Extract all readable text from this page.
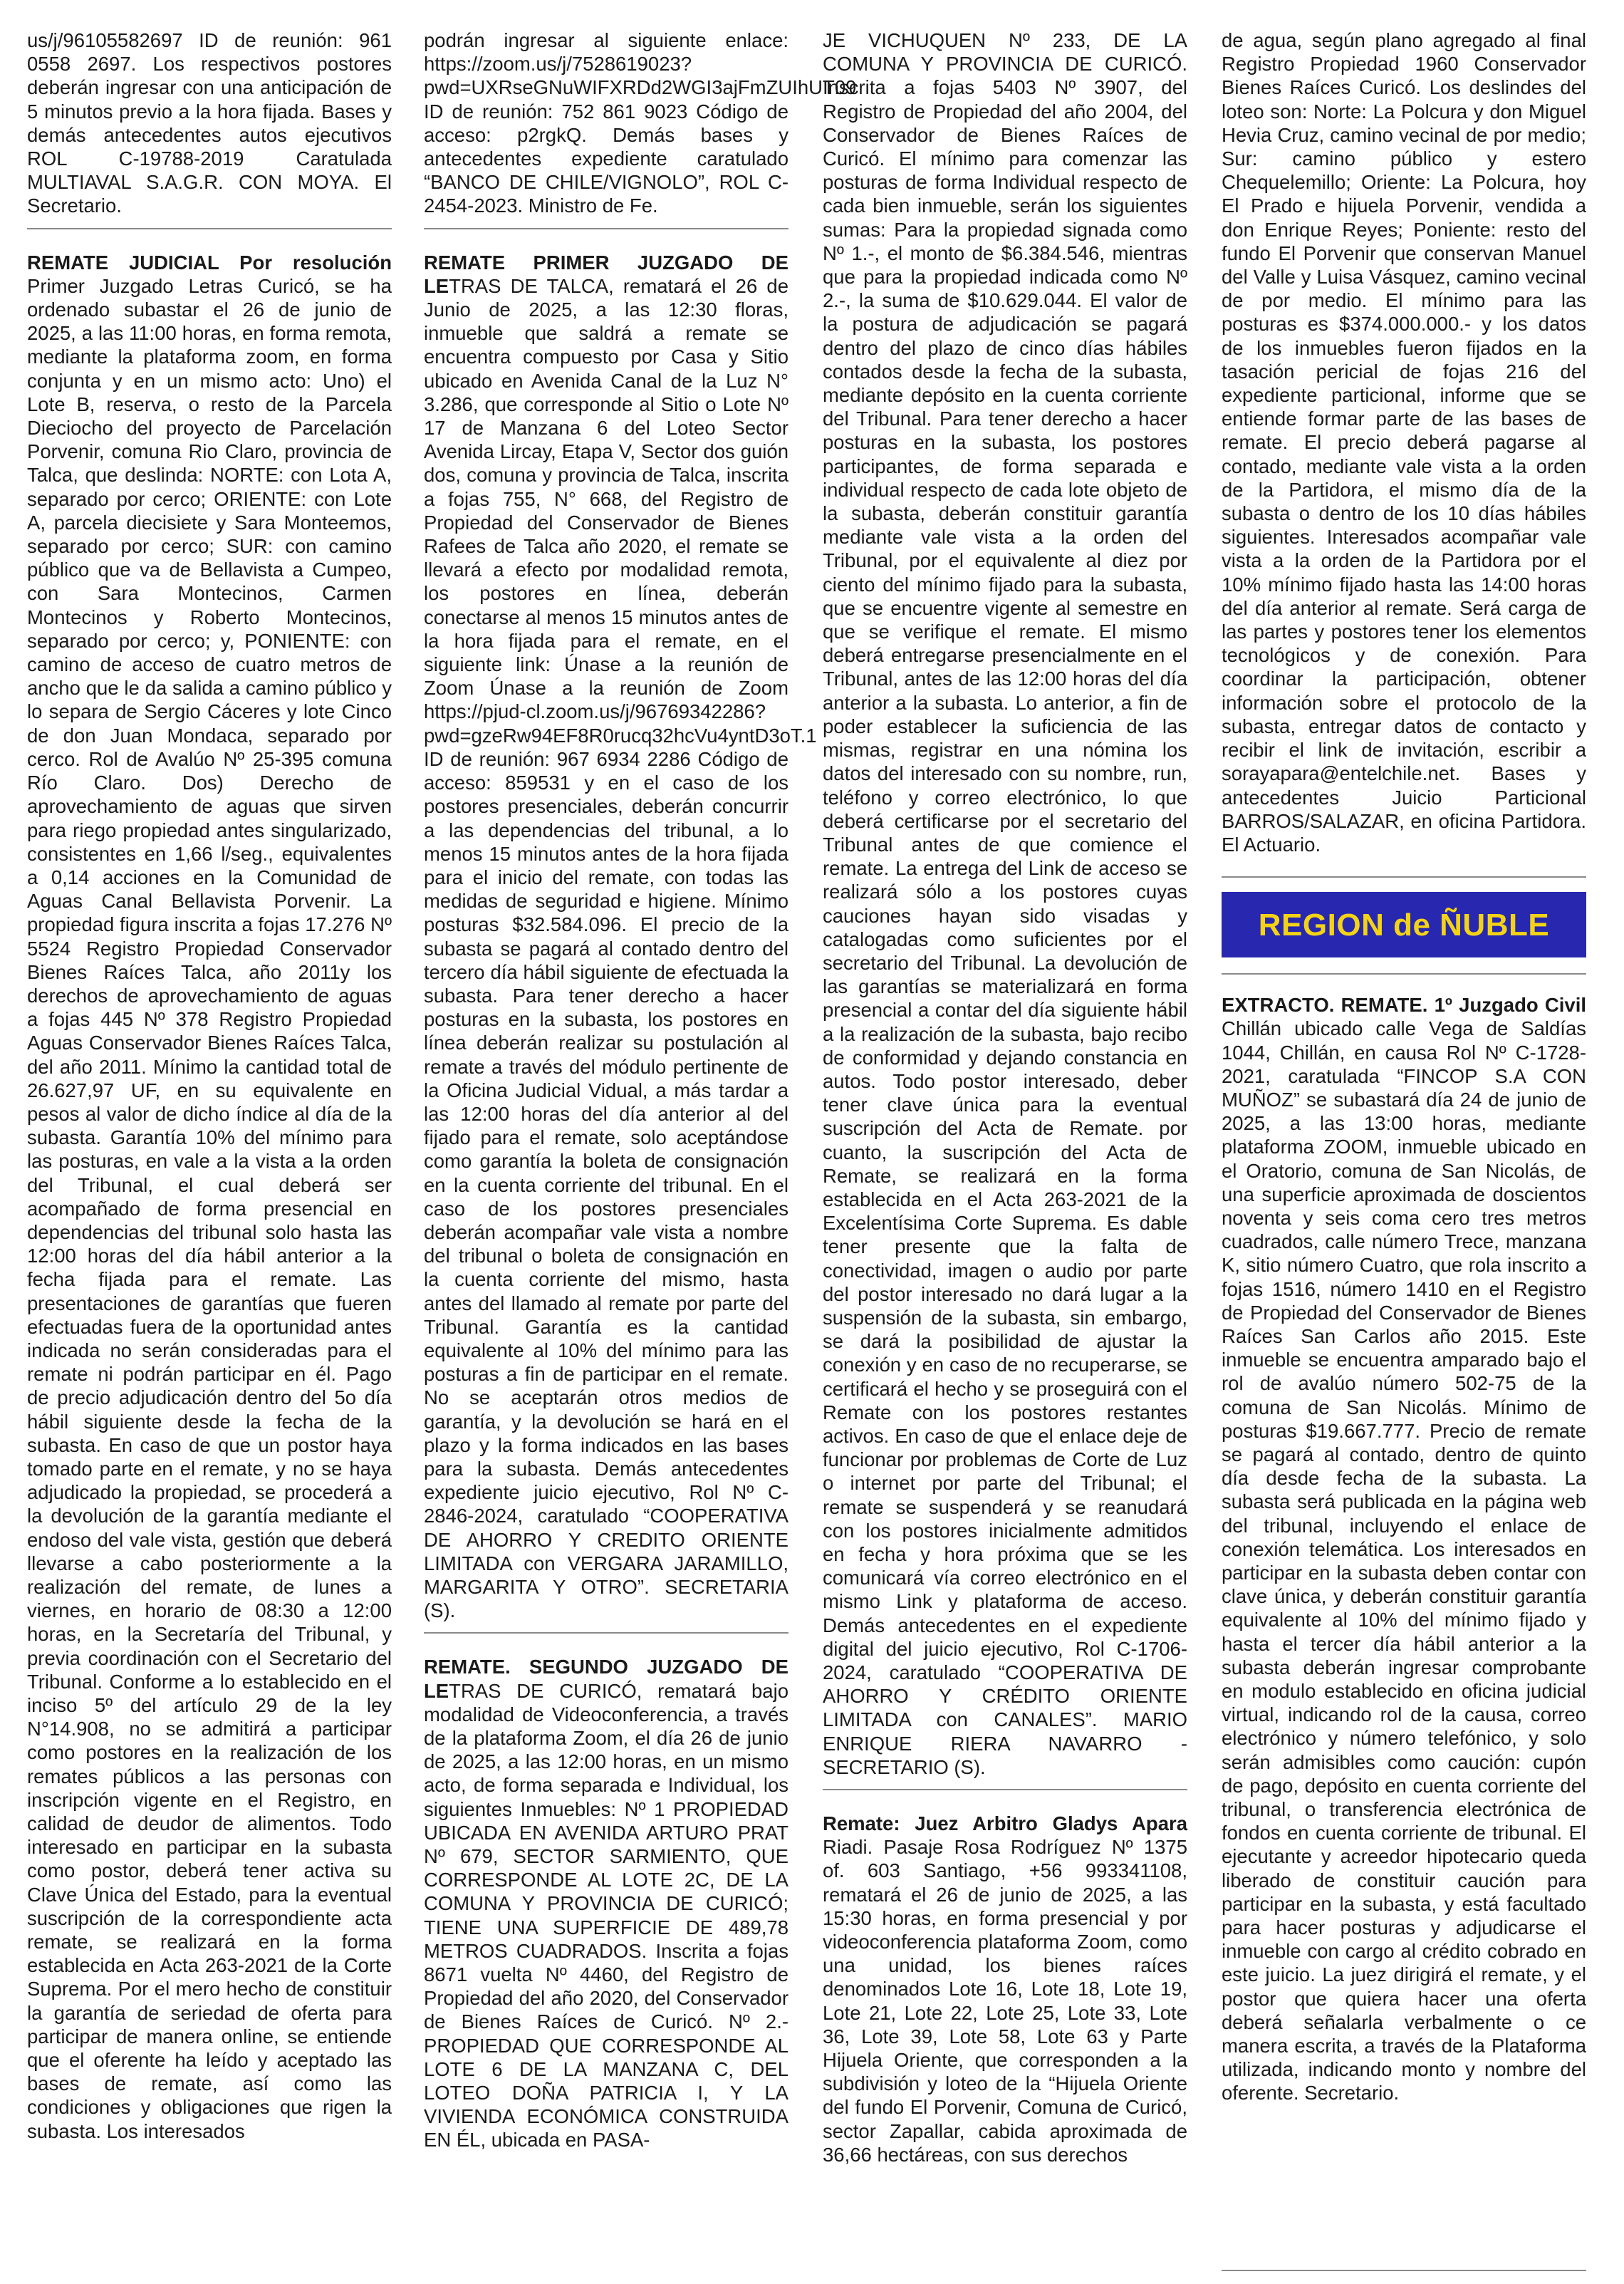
us/j/96105582697 ID de reunión: 961 0558 2697. Los respectivos postores deberán ingresar con una anticipación de 5 minutos previo a la hora fijada. Bases y demás antecedentes autos ejecutivos ROL C-19788-2019 Caratulada MULTIAVAL S.A.G.R. CON MOYA. El Secretario.

REMATE JUDICIAL Por resolución Primer Juzgado Letras Curicó, se ha ordenado subastar el 26 de junio de 2025, a las 11:00 horas, en forma remota, mediante la plataforma zoom, en forma conjunta y en un mismo acto: Uno) el Lote B, reserva, o resto de la Parcela Dieciocho del proyecto de Parcelación Porvenir, comuna Rio Claro, provincia de Talca, que deslinda: NORTE: con Lota A, separado por cerco; ORIENTE: con Lote A, parcela diecisiete y Sara Monteemos, separado por cerco; SUR: con camino público que va de Bellavista a Cumpeo, con Sara Montecinos, Carmen Montecinos y Roberto Montecinos, separado por cerco; y, PONIENTE: con camino de acceso de cuatro metros de ancho que le da salida a camino público y lo separa de Sergio Cáceres y lote Cinco de don Juan Mondaca, separado por cerco. Rol de Avalúo Nº 25-395 comuna Río Claro. Dos) Derecho de aprovechamiento de aguas que sirven para riego propiedad antes singularizado, consistentes en 1,66 l/seg., equivalentes a 0,14 acciones en la Comunidad de Aguas Canal Bellavista Porvenir. La propiedad figura inscrita a fojas 17.276 Nº 5524 Registro Propiedad Conservador Bienes Raíces Talca, año 2011y los derechos de aprovechamiento de aguas a fojas 445 Nº 378 Registro Propiedad Aguas Conservador Bienes Raíces Talca, del año 2011. Mínimo la cantidad total de 26.627,97 UF, en su equivalente en pesos al valor de dicho índice al día de la subasta. Garantía 10% del mínimo para las posturas, en vale a la vista a la orden del Tribunal, el cual deberá ser acompañado de forma presencial en dependencias del tribunal solo hasta las 12:00 horas del día hábil anterior a la fecha fijada para el remate. Las presentaciones de garantías que fueren efectuadas fuera de la oportunidad antes indicada no serán consideradas para el remate ni podrán participar en él. Pago de precio adjudicación dentro del 5o día hábil siguiente desde la fecha de la subasta. En caso de que un postor haya tomado parte en el remate, y no se haya adjudicado la propiedad, se procederá a la devolución de la garantía mediante el endoso del vale vista, gestión que deberá llevarse a cabo posteriormente a la realización del remate, de lunes a viernes, en horario de 08:30 a 12:00 horas, en la Secretaría del Tribunal, y previa coordinación con el Secretario del Tribunal. Conforme a lo establecido en el inciso 5º del artículo 29 de la ley N°14.908, no se admitirá a participar como postores en la realización de los remates públicos a las personas con inscripción vigente en el Registro, en calidad de deudor de alimentos. Todo interesado en participar en la subasta como postor, deberá tener activa su Clave Única del Estado, para la eventual suscripción de la correspondiente acta remate, se realizará en la forma establecida en Acta 263-2021 de la Corte Suprema. Por el mero hecho de constituir la garantía de seriedad de oferta para participar de manera online, se entiende que el oferente ha leído y aceptado las bases de remate, así como las condiciones y obligaciones que rigen la subasta. Los interesados

podrán ingresar al siguiente enlace: https://zoom.us/j/7528619023?pwd=UXRseGNuWIFXRDd2WGI3ajFmZUIhUT09 ID de reunión: 752 861 9023 Código de acceso: p2rgkQ. Demás bases y antecedentes expediente caratulado “BANCO DE CHILE/VIGNOLO”, ROL C-2454-2023. Ministro de Fe.

REMATE PRIMER JUZGADO DE LETRAS DE TALCA, rematará el 26 de Junio de 2025, a las 12:30 floras, inmueble que saldrá a remate se encuentra compuesto por Casa y Sitio ubicado en Avenida Canal de la Luz N° 3.286, que corresponde al Sitio o Lote Nº 17 de Manzana 6 del Loteo Sector Avenida Lircay, Etapa V, Sector dos guión dos, comuna y provincia de Talca, inscrita a fojas 755, N° 668, del Registro de Propiedad del Conservador de Bienes Rafees de Talca año 2020, el remate se llevará a efecto por modalidad remota, los postores en línea, deberán conectarse al menos 15 minutos antes de la hora fijada para el remate, en el siguiente link: Únase a la reunión de Zoom Únase a la reunión de Zoom https://pjud-cl.zoom.us/j/96769342286?pwd=gzeRw94EF8R0rucq32hcVu4yntD3oT.1 ID de reunión: 967 6934 2286 Código de acceso: 859531 y en el caso de los postores presenciales, deberán concurrir a las dependencias del tribunal, a lo menos 15 minutos antes de la hora fijada para el inicio del remate, con todas las medidas de seguridad e higiene. Mínimo posturas $32.584.096. El precio de la subasta se pagará al contado dentro del tercero día hábil siguiente de efectuada la subasta. Para tener derecho a hacer posturas en la subasta, los postores en línea deberán realizar su postulación al remate a través del módulo pertinente de la Oficina Judicial Vidual, a más tardar a las 12:00 horas del día anterior al del fijado para el remate, solo aceptándose como garantía la boleta de consignación en la cuenta corriente del tribunal. En el caso de los postores presenciales deberán acompañar vale vista a nombre del tribunal o boleta de consignación en la cuenta corriente del mismo, hasta antes del llamado al remate por parte del Tribunal. Garantía es la cantidad equivalente al 10% del mínimo para las posturas a fin de participar en el remate. No se aceptarán otros medios de garantía, y la devolución se hará en el plazo y la forma indicados en las bases para la subasta. Demás antecedentes expediente juicio ejecutivo, Rol Nº C-2846-2024, caratulado “COOPERATIVA DE AHORRO Y CREDITO ORIENTE LIMITADA con VERGARA JARAMILLO, MARGARITA Y OTRO”. SECRETARIA (S).

REMATE. SEGUNDO JUZGADO DE LETRAS DE CURICÓ, rematará bajo modalidad de Videoconferencia, a través de la plataforma Zoom, el día 26 de junio de 2025, a las 12:00 horas, en un mismo acto, de forma separada e Individual, los siguientes Inmuebles: Nº 1 PROPIEDAD UBICADA EN AVENIDA ARTURO PRAT Nº 679, SECTOR SARMIENTO, QUE CORRESPONDE AL LOTE 2C, DE LA COMUNA Y PROVINCIA DE CURICÓ; TIENE UNA SUPERFICIE DE 489,78 METROS CUADRADOS. Inscrita a fojas 8671 vuelta Nº 4460, del Registro de Propiedad del año 2020, del Conservador de Bienes Raíces de Curicó. Nº 2.- PROPIEDAD QUE CORRESPONDE AL LOTE 6 DE LA MANZANA C, DEL LOTEO DOÑA PATRICIA I, Y LA VIVIENDA ECONÓMICA CONSTRUIDA EN ÉL, ubicada en PASA-

JE VICHUQUEN Nº 233, DE LA COMUNA Y PROVINCIA DE CURICÓ. Inscrita a fojas 5403 Nº 3907, del Registro de Propiedad del año 2004, del Conservador de Bienes Raíces de Curicó. El mínimo para comenzar las posturas de forma Individual respecto de cada bien inmueble, serán los siguientes sumas: Para la propiedad signada como Nº 1.-, el monto de $6.384.546, mientras que para la propiedad indicada como Nº 2.-, la suma de $10.629.044. El valor de la postura de adjudicación se pagará dentro del plazo de cinco días hábiles contados desde la fecha de la subasta, mediante depósito en la cuenta corriente del Tribunal. Para tener derecho a hacer posturas en la subasta, los postores participantes, de forma separada e individual respecto de cada lote objeto de la subasta, deberán constituir garantía mediante vale vista a la orden del Tribunal, por el equivalente al diez por ciento del mínimo fijado para la subasta, que se encuentre vigente al semestre en que se verifique el remate. El mismo deberá entregarse presencialmente en el Tribunal, antes de las 12:00 horas del día anterior a la subasta. Lo anterior, a fin de poder establecer la suficiencia de las mismas, registrar en una nómina los datos del interesado con su nombre, run, teléfono y correo electrónico, lo que deberá certificarse por el secretario del Tribunal antes de que comience el remate. La entrega del Link de acceso se realizará sólo a los postores cuyas cauciones hayan sido visadas y catalogadas como suficientes por el secretario del Tribunal. La devolución de las garantías se materializará en forma presencial a contar del día siguiente hábil a la realización de la subasta, bajo recibo de conformidad y dejando constancia en autos. Todo postor interesado, deber tener clave única para la eventual suscripción del Acta de Remate. por cuanto, la suscripción del Acta de Remate, se realizará en la forma establecida en el Acta 263-2021 de la Excelentísima Corte Suprema. Es dable tener presente que la falta de conectividad, imagen o audio por parte del postor interesado no dará lugar a la suspensión de la subasta, sin embargo, se dará la posibilidad de ajustar la conexión y en caso de no recuperarse, se certificará el hecho y se proseguirá con el Remate con los postores restantes activos. En caso de que el enlace deje de funcionar por problemas de Corte de Luz o internet por parte del Tribunal; el remate se suspenderá y se reanudará con los postores inicialmente admitidos en fecha y hora próxima que se les comunicará vía correo electrónico en el mismo Link y plataforma de acceso. Demás antecedentes en el expediente digital del juicio ejecutivo, Rol C-1706-2024, caratulado “COOPERATIVA DE AHORRO Y CRÉDITO ORIENTE LIMITADA con CANALES”. MARIO ENRIQUE RIERA NAVARRO - SECRETARIO (S).

Remate: Juez Arbitro Gladys Apara Riadi. Pasaje Rosa Rodríguez Nº 1375 of. 603 Santiago, +56 993341108, rematará el 26 de junio de 2025, a las 15:30 horas, en forma presencial y por videoconferencia plataforma Zoom, como una unidad, los bienes raíces denominados Lote 16, Lote 18, Lote 19, Lote 21, Lote 22, Lote 25, Lote 33, Lote 36, Lote 39, Lote 58, Lote 63 y Parte Hijuela Oriente, que corresponden a la subdivisión y loteo de la “Hijuela Oriente del fundo El Porvenir, Comuna de Curicó, sector Zapallar, cabida aproximada de 36,66 hectáreas, con sus derechos

de agua, según plano agregado al final Registro Propiedad 1960 Conservador Bienes Raíces Curicó. Los deslindes del loteo son: Norte: La Polcura y don Miguel Hevia Cruz, camino vecinal de por medio; Sur: camino público y estero Chequelemillo; Oriente: La Polcura, hoy El Prado e hijuela Porvenir, vendida a don Enrique Reyes; Poniente: resto del fundo El Porvenir que conservan Manuel del Valle y Luisa Vásquez, camino vecinal de por medio. El mínimo para las posturas es $374.000.000.- y los datos de los inmuebles fueron fijados en la tasación pericial de fojas 216 del expediente particional, informe que se entiende formar parte de las bases de remate. El precio deberá pagarse al contado, mediante vale vista a la orden de la Partidora, el mismo día de la subasta o dentro de los 10 días hábiles siguientes. Interesados acompañar vale vista a la orden de la Partidora por el 10% mínimo fijado hasta las 14:00 horas del día anterior al remate. Será carga de las partes y postores tener los elementos tecnológicos y de conexión. Para coordinar la participación, obtener información sobre el protocolo de la subasta, entregar datos de contacto y recibir el link de invitación, escribir a sorayapara@entelchile.net. Bases y antecedentes Juicio Particional BARROS/SALAZAR, en oficina Partidora. El Actuario.

REGION de ÑUBLE

EXTRACTO. REMATE. 1º Juzgado Civil Chillán ubicado calle Vega de Saldías 1044, Chillán, en causa Rol Nº C-1728-2021, caratulada “FINCOP S.A CON MUÑOZ” se subastará día 24 de junio de 2025, a las 13:00 horas, mediante plataforma ZOOM, inmueble ubicado en el Oratorio, comuna de San Nicolás, de una superficie aproximada de doscientos noventa y seis coma cero tres metros cuadrados, calle número Trece, manzana K, sitio número Cuatro, que rola inscrito a fojas 1516, número 1410 en el Registro de Propiedad del Conservador de Bienes Raíces San Carlos año 2015. Este inmueble se encuentra amparado bajo el rol de avalúo número 502-75 de la comuna de San Nicolás. Mínimo de posturas $19.667.777. Precio de remate se pagará al contado, dentro de quinto día desde fecha de la subasta. La subasta será publicada en la página web del tribunal, incluyendo el enlace de conexión telemática. Los interesados en participar en la subasta deben contar con clave única, y deberán constituir garantía equivalente al 10% del mínimo fijado y hasta el tercer día hábil anterior a la subasta deberán ingresar comprobante en modulo establecido en oficina judicial virtual, indicando rol de la causa, correo electrónico y número telefónico, y solo serán admisibles como caución: cupón de pago, depósito en cuenta corriente del tribunal, o transferencia electrónica de fondos en cuenta corriente de tribunal. El ejecutante y acreedor hipotecario queda liberado de constituir caución para participar en la subasta, y está facultado para hacer posturas y adjudicarse el inmueble con cargo al crédito cobrado en este juicio. La juez dirigirá el remate, y el postor que quiera hacer una oferta deberá señalarla verbalmente o ce manera escrita, a través de la Plataforma utilizada, indicando monto y nombre del oferente. Secretario.
